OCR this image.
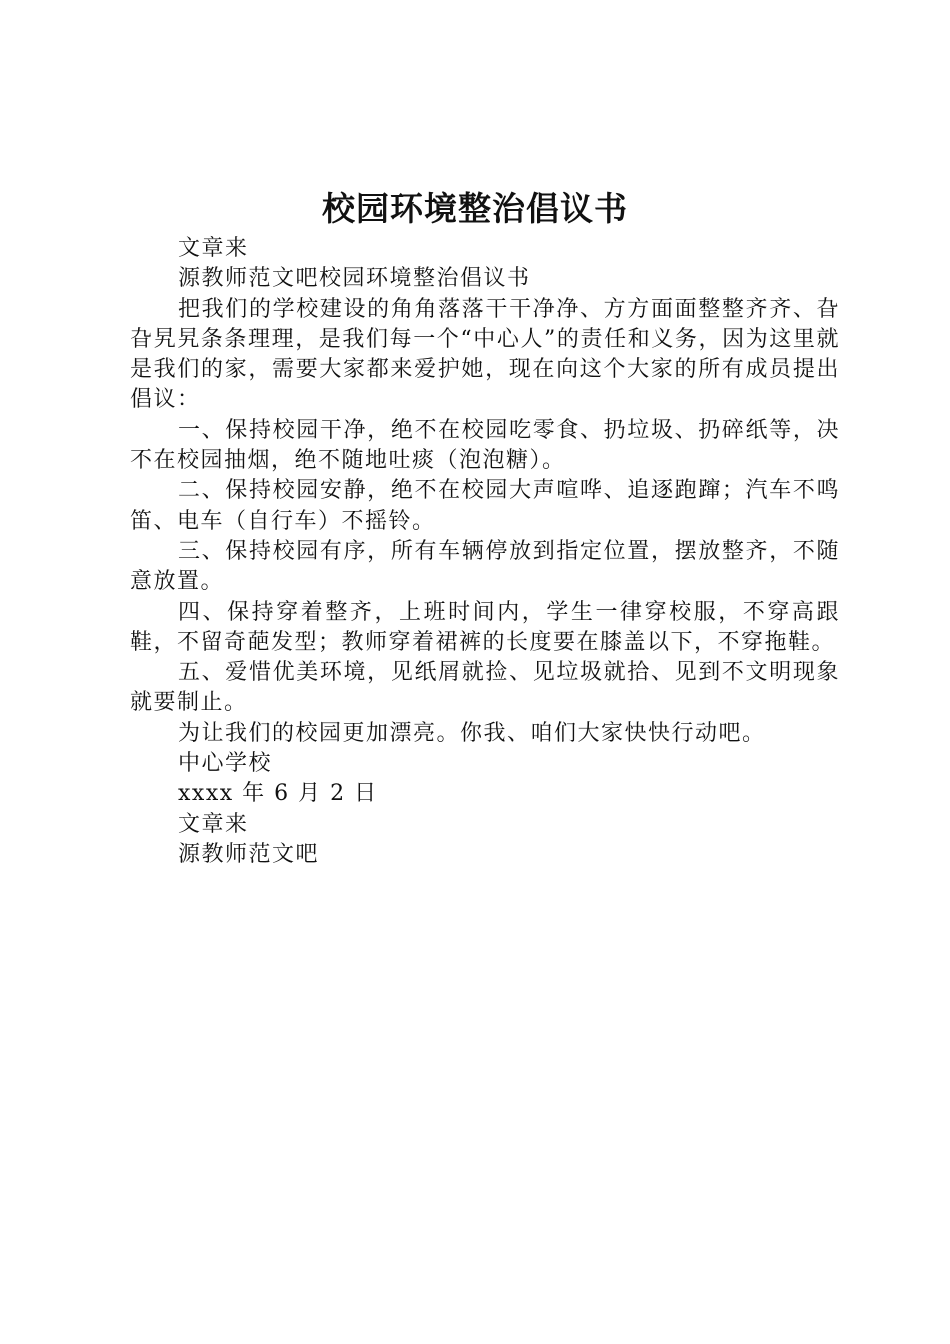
校园环境整治倡议书

文章来

源教师范文吧校园环境整治倡议书

把我们的学校建设的角角落落干干净净、方方面面整整齐齐、旮旮旯旯条条理理，是我们每一个“中心人”的责任和义务，因为这里就是我们的家，需要大家都来爱护她，现在向这个大家的所有成员提出倡议：

一、保持校园干净，绝不在校园吃零食、扔垃圾、扔碎纸等，决不在校园抽烟，绝不随地吐痰（泡泡糖）。

二、保持校园安静，绝不在校园大声喧哗、追逐跑蹿；汽车不鸣笛、电车（自行车）不摇铃。

三、保持校园有序，所有车辆停放到指定位置，摆放整齐，不随意放置。

四、保持穿着整齐，上班时间内，学生一律穿校服，不穿高跟鞋，不留奇葩发型；教师穿着裙裤的长度要在膝盖以下，不穿拖鞋。

五、爱惜优美环境，见纸屑就捡、见垃圾就拾、见到不文明现象就要制止。

为让我们的校园更加漂亮。你我、咱们大家快快行动吧。

中心学校

xxxx 年 6 月 2 日

文章来

源教师范文吧
